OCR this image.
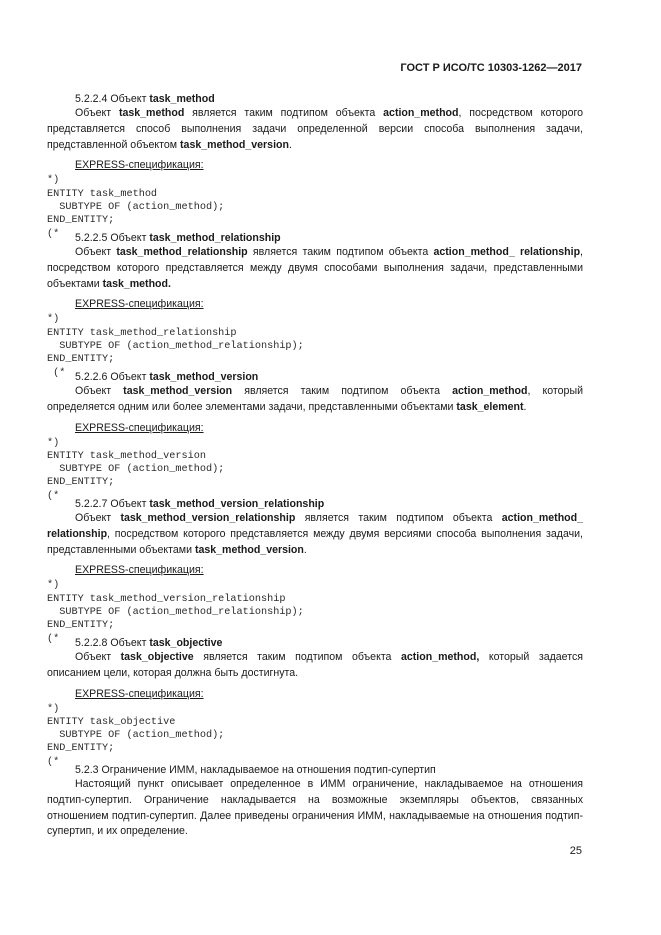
ГОСТ Р ИСО/ТС 10303-1262—2017
5.2.2.4 Объект task_method
Объект task_method является таким подтипом объекта action_method, посредством которого представляется способ выполнения задачи определенной версии способа выполнения задачи, представленной объектом task_method_version.
EXPRESS-спецификация:
*)
ENTITY task_method
SUBTYPE OF (action_method);
END_ENTITY;
(*	5.2.2.5 Объект task_method_relationship
Объект task_method_relationship является таким подтипом объекта action_method_ relationship, посредством которого представляется между двумя способами выполнения задачи, представленными объектами task_method.
EXPRESS-спецификация:
*)
ENTITY task_method_relationship
SUBTYPE OF (action_method_relationship);
END_ENTITY;
(* 5.2.2.6 Объект task_method_version
Объект task_method_version является таким подтипом объекта action_method, который определяется одним или более элементами задачи, представленными объектами task_element.
EXPRESS-спецификация:
*)
ENTITY task_method_version
SUBTYPE OF (action_method);
END_ENTITY;
(*
5.2.2.7 Объект task_method_version_relationship
Объект task_method_version_relationship является таким подтипом объекта action_method_ relationship, посредством которого представляется между двумя версиями способа выполнения задачи, представленными объектами task_method_version.
EXPRESS-спецификация:
*)
ENTITY task_method_version_relationship
SUBTYPE OF (action_method_relationship);
END_ENTITY;
(*	5.2.2.8 Объект task_objective
Объект task_objective является таким подтипом объекта action_method, который задается описанием цели, которая должна быть достигнута.
EXPRESS-спецификация:
*)
ENTITY task_objective
SUBTYPE OF (action_method);
END_ENTITY;
(*
5.2.3 Ограничение ИММ, накладываемое на отношения подтип-супертип
Настоящий пункт описывает определенное в ИММ ограничение, накладываемое на отношения подтип-супертип. Ограничение накладывается на возможные экземпляры объектов, связанных отношением подтип-супертип. Далее приведены ограничения ИММ, накладываемые на отношения подтип-супертип, и их определение.
25
